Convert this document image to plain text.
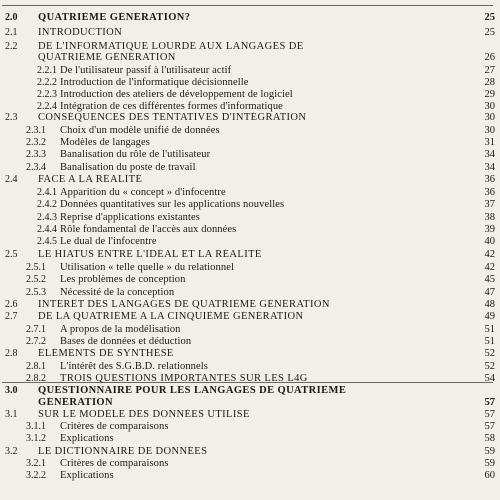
2.0 QUATRIÈME GÉNÉRATION?	25
2.1 INTRODUCTION	25
2.2 DE L'INFORMATIQUE LOURDE AUX LANGAGES DE
QUATRIÈME GÉNÉRATION	26
2.2.1 De l'utilisateur passif à l'utilisateur actif	27
2.2.2 Introduction de l'informatique décisionnelle	28
2.2.3 Introduction des ateliers de développement de logiciel	29
2.2.4 Intégration de ces différentes formes d'informatique	30
2.3 CONSÉQUENCES DES TENTATIVES D'INTÉGRATION	30
2.3.1 Choix d'un modèle unifié de données	30
2.3.2 Modèles de langages	31
2.3.3 Banalisation du rôle de l'utilisateur	34
2.3.4 Banalisation du poste de travail	34
2.4 FACE A LA RÉALITÉ	36
2.4.1 Apparition du « concept » d'infocentre	36
2.4.2 Données quantitatives sur les applications nouvelles	37
2.4.3 Reprise d'applications existantes	38
2.4.4 Rôle fondamental de l'accès aux données	39
2.4.5 Le dual de l'infocentre	40
2.5 LE HIATUS ENTRE L'IDÉAL ET LA RÉALITÉ	42
2.5.1 Utilisation « telle quelle » du relationnel	42
2.5.2 Les problèmes de conception	45
2.5.3 Nécessité de la conception	47
2.6 INTÉRÊT DES LANGAGES DE QUATRIÈME GÉNÉRATION	48
2.7 DE LA QUATRIÈME A LA CINQUIÈME GÉNÉRATION	49
2.7.1 A propos de la modélisation	51
2.7.2 Bases de données et déduction	51
2.8 ÉLÉMENTS DE SYNTHÈSE	52
2.8.1 L'intérêt des S.G.B.D. relationnels	52
2.8.2 TROIS QUESTIONS IMPORTANTES SUR LES L4G	54
3.0 QUESTIONNAIRE POUR LES LANGAGES DE QUATRIÈME
GÉNÉRATION	57
3.1 SUR LE MODÈLE DES DONNÉES UTILISÉ	57
3.1.1 Critères de comparaisons	57
3.1.2 Explications	58
3.2 LE DICTIONNAIRE DE DONNÉES	59
3.2.1 Critères de comparaisons	59
3.2.2 Explications	60
